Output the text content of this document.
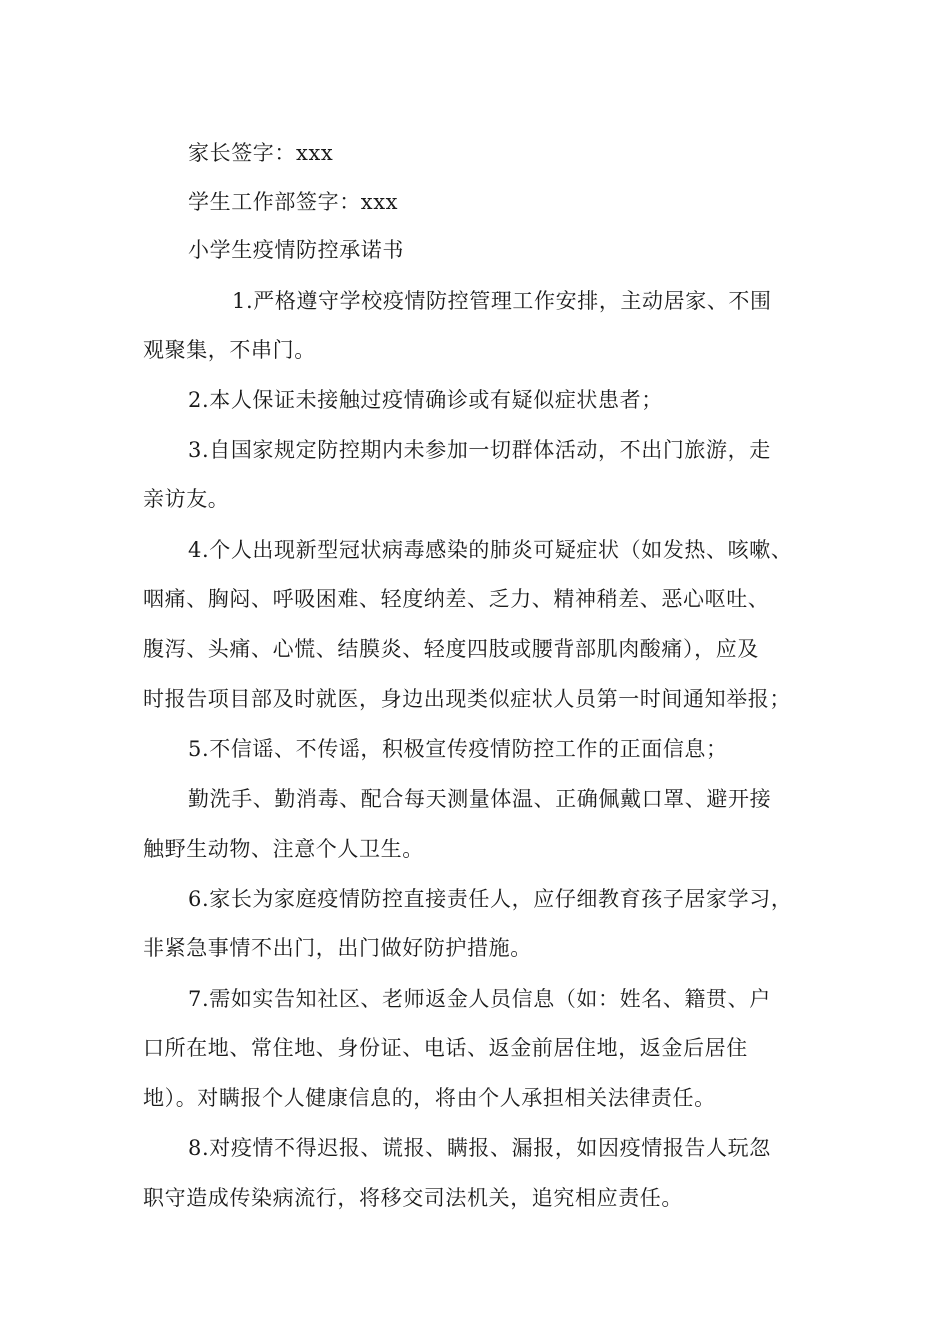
家长签字：xxx
学生工作部签字：xxx
小学生疫情防控承诺书
1.严格遵守学校疫情防控管理工作安排，主动居家、不围
观聚集，不串门。
2.本人保证未接触过疫情确诊或有疑似症状患者；
3.自国家规定防控期内未参加一切群体活动，不出门旅游，走
亲访友。
4.个人出现新型冠状病毒感染的肺炎可疑症状（如发热、咳嗽、
咽痛、胸闷、呼吸困难、轻度纳差、乏力、精神稍差、恶心呕吐、
腹泻、头痛、心慌、结膜炎、轻度四肢或腰背部肌肉酸痛），应及
时报告项目部及时就医，身边出现类似症状人员第一时间通知举报；
5.不信谣、不传谣，积极宣传疫情防控工作的正面信息；
勤洗手、勤消毒、配合每天测量体温、正确佩戴口罩、避开接
触野生动物、注意个人卫生。
6.家长为家庭疫情防控直接责任人，应仔细教育孩子居家学习，
非紧急事情不出门，出门做好防护措施。
7.需如实告知社区、老师返金人员信息（如：姓名、籍贯、户
口所在地、常住地、身份证、电话、返金前居住地，返金后居住
地）。对瞒报个人健康信息的，将由个人承担相关法律责任。
8.对疫情不得迟报、谎报、瞒报、漏报，如因疫情报告人玩忽
职守造成传染病流行，将移交司法机关，追究相应责任。
